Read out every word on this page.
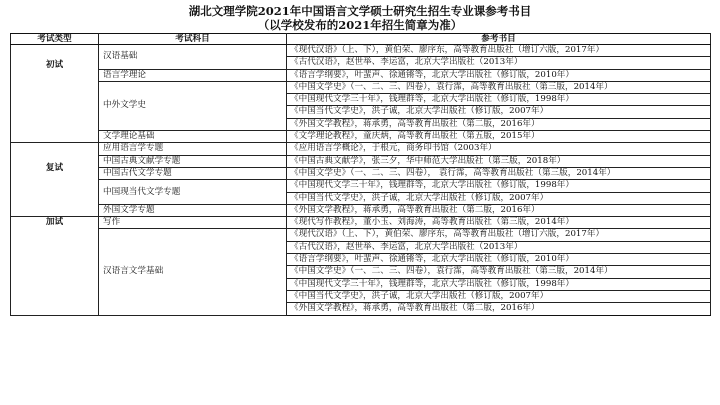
湖北文理学院2021年中国语言文学硕士研究生招生专业课参考书目
（以学校发布的2021年招生简章为准）
考试类型	考试科目	参考书目
初试	汉语基础	《现代汉语》（上、下），黄伯荣、廖序东，高等教育出版社（增订六版，2017年）
		《古代汉语》，赵世举、李运富，北京大学出版社（2013年）
	语言学理论	《语言学纲要》，叶蜚声、徐通锵等，北京大学出版社（修订版，2010年）
	中外文学史	《中国文学史》（一、二、三、四卷），袁行霈，高等教育出版社（第三版，2014年）
		《中国现代文学三十年》，钱理群等，北京大学出版社（修订版，1998年）
		《中国当代文学史》，洪子诚，北京大学出版社（修订版，2007年）
		《外国文学教程》，蒋承勇，高等教育出版社（第二版，2016年）
	文学理论基础	《文学理论教程》，童庆炳，高等教育出版社（第五版，2015年）
复试	应用语言学专题	《应用语言学概论》，于根元，商务印书馆（2003年）
	中国古典文献学专题	《中国古典文献学》，张三夕，华中师范大学出版社（第三版，2018年）
	中国古代文学专题	《中国文学史》（一、二、三、四卷）， 袁行霈，高等教育出版社（第三版，2014年）
	中国现当代文学专题	《中国现代文学三十年》，钱理群等，北京大学出版社（修订版，1998年）
		《中国当代文学史》，洪子诚，北京大学出版社（修订版，2007年）
	外国文学专题	《外国文学教程》，蒋承勇，高等教育出版社（第二版，2016年）
加试	写作	《现代写作教程》，董小玉、刘海涛，高等教育出版社（第三版，2014年）
	汉语言文学基础	《现代汉语》（上、下），黄伯荣、廖序东，高等教育出版社（增订六版，2017年）
		《古代汉语》，赵世举、李运富，北京大学出版社（2013年）
		《语言学纲要》，叶蜚声、徐通锵等，北京大学出版社（修订版，2010年）
		《中国文学史》（一、二、三、四卷），袁行霈，高等教育出版社（第三版，2014年）
		《中国现代文学三十年》，钱理群等，北京大学出版社（修订版，1998年）
		《中国当代文学史》，洪子诚，北京大学出版社（修订版，2007年）
		《外国文学教程》，蒋承勇，高等教育出版社（第二版，2016年）
